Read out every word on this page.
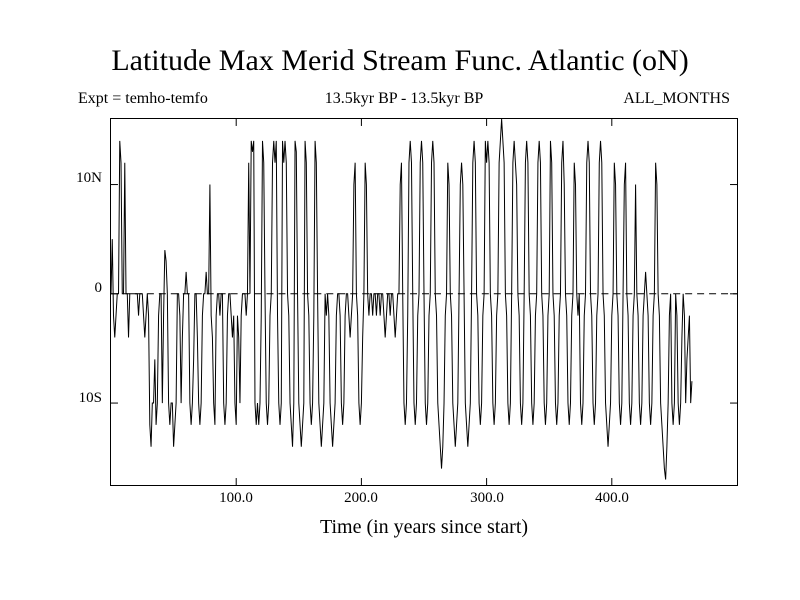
Latitude Max Merid Stream Func. Atlantic (oN)
13.5kyr BP - 13.5kyr BP
Expt = temho-temfo	ALL_MONTHS
10N
0
10S
100.0	200.0	300.0	400.0
Time (in years since start)
